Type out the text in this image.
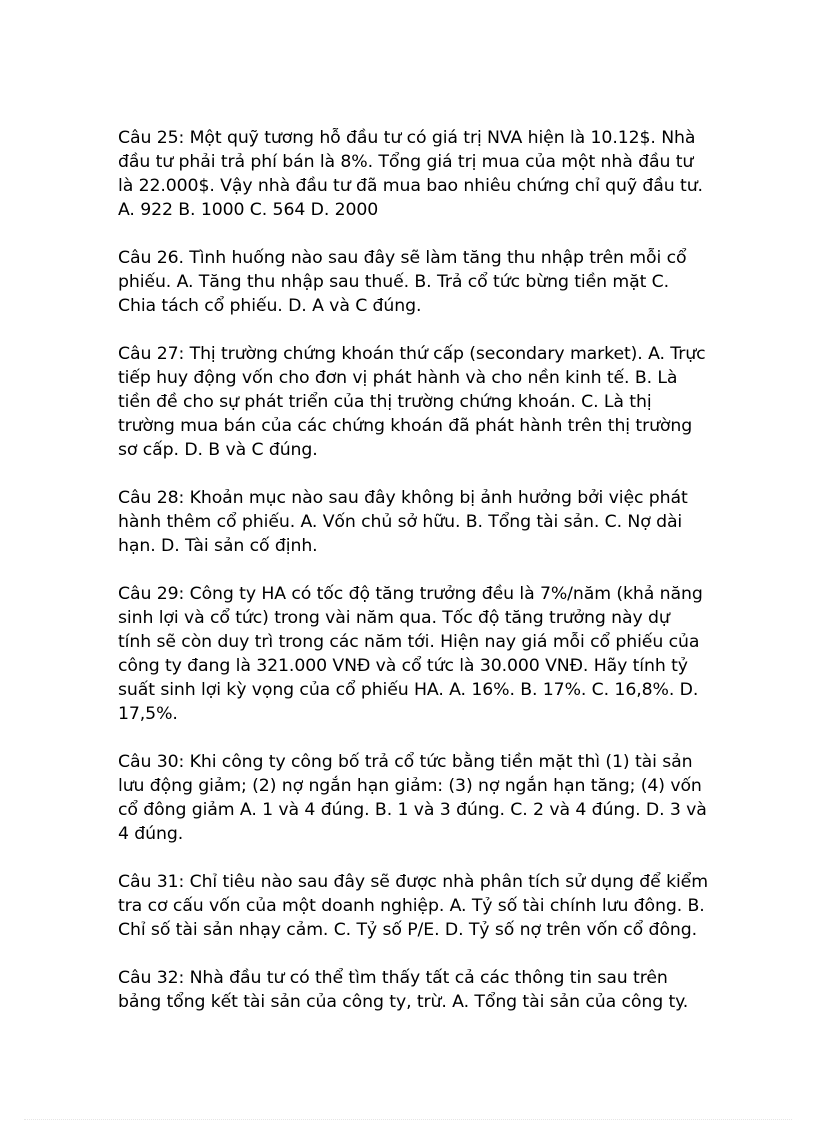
Câu 25: Một quỹ tương hỗ đầu tư có giá trị NVA hiện là 10.12$. Nhà đầu tư phải trả phí bán là 8%. Tổng giá trị mua của một nhà đầu tư là 22.000$. Vậy nhà đầu tư đã mua bao nhiêu chứng chỉ quỹ đầu tư. A. 922 B. 1000 C. 564 D. 2000

Câu 26. Tình huống nào sau đây sẽ làm tăng thu nhập trên mỗi cổ phiếu. A. Tăng thu nhập sau thuế. B. Trả cổ tức bừng tiền mặt C. Chia tách cổ phiếu. D. A và C đúng.

Câu 27: Thị trường chứng khoán thứ cấp (secondary market). A. Trực tiếp huy động vốn cho đơn vị phát hành và cho nền kinh tế. B. Là tiền đề cho sự phát triển của thị trường chứng khoán. C. Là thị trường mua bán của các chứng khoán đã phát hành trên thị trường sơ cấp. D. B và C đúng.

Câu 28: Khoản mục nào sau đây không bị ảnh hưởng bởi việc phát hành thêm cổ phiếu. A. Vốn chủ sở hữu. B. Tổng tài sản. C. Nợ dài hạn. D. Tài sản cố định.

Câu 29: Công ty HA có tốc độ tăng trưởng đều là 7%/năm (khả năng sinh lợi và cổ tức) trong vài năm qua. Tốc độ tăng trưởng này dự tính sẽ còn duy trì trong các năm tới. Hiện nay giá mỗi cổ phiếu của công ty đang là 321.000 VNĐ và cổ tức là 30.000 VNĐ. Hãy tính tỷ suất sinh lợi kỳ vọng của cổ phiếu HA. A. 16%. B. 17%. C. 16,8%. D. 17,5%.

Câu 30: Khi công ty công bố trả cổ tức bằng tiền mặt thì (1) tài sản lưu động giảm; (2) nợ ngắn hạn giảm: (3) nợ ngắn hạn tăng; (4) vốn cổ đông giảm A. 1 và 4 đúng. B. 1 và 3 đúng. C. 2 và 4 đúng. D. 3 và 4 đúng.

Câu 31: Chỉ tiêu nào sau đây sẽ được nhà phân tích sử dụng để kiểm tra cơ cấu vốn của một doanh nghiệp. A. Tỷ số tài chính lưu đông. B. Chỉ số tài sản nhạy cảm. C. Tỷ số P/E. D. Tỷ số nợ trên vốn cổ đông.

Câu 32: Nhà đầu tư có thể tìm thấy tất cả các thông tin sau trên bảng tổng kết tài sản của công ty, trừ. A. Tổng tài sản của công ty.
